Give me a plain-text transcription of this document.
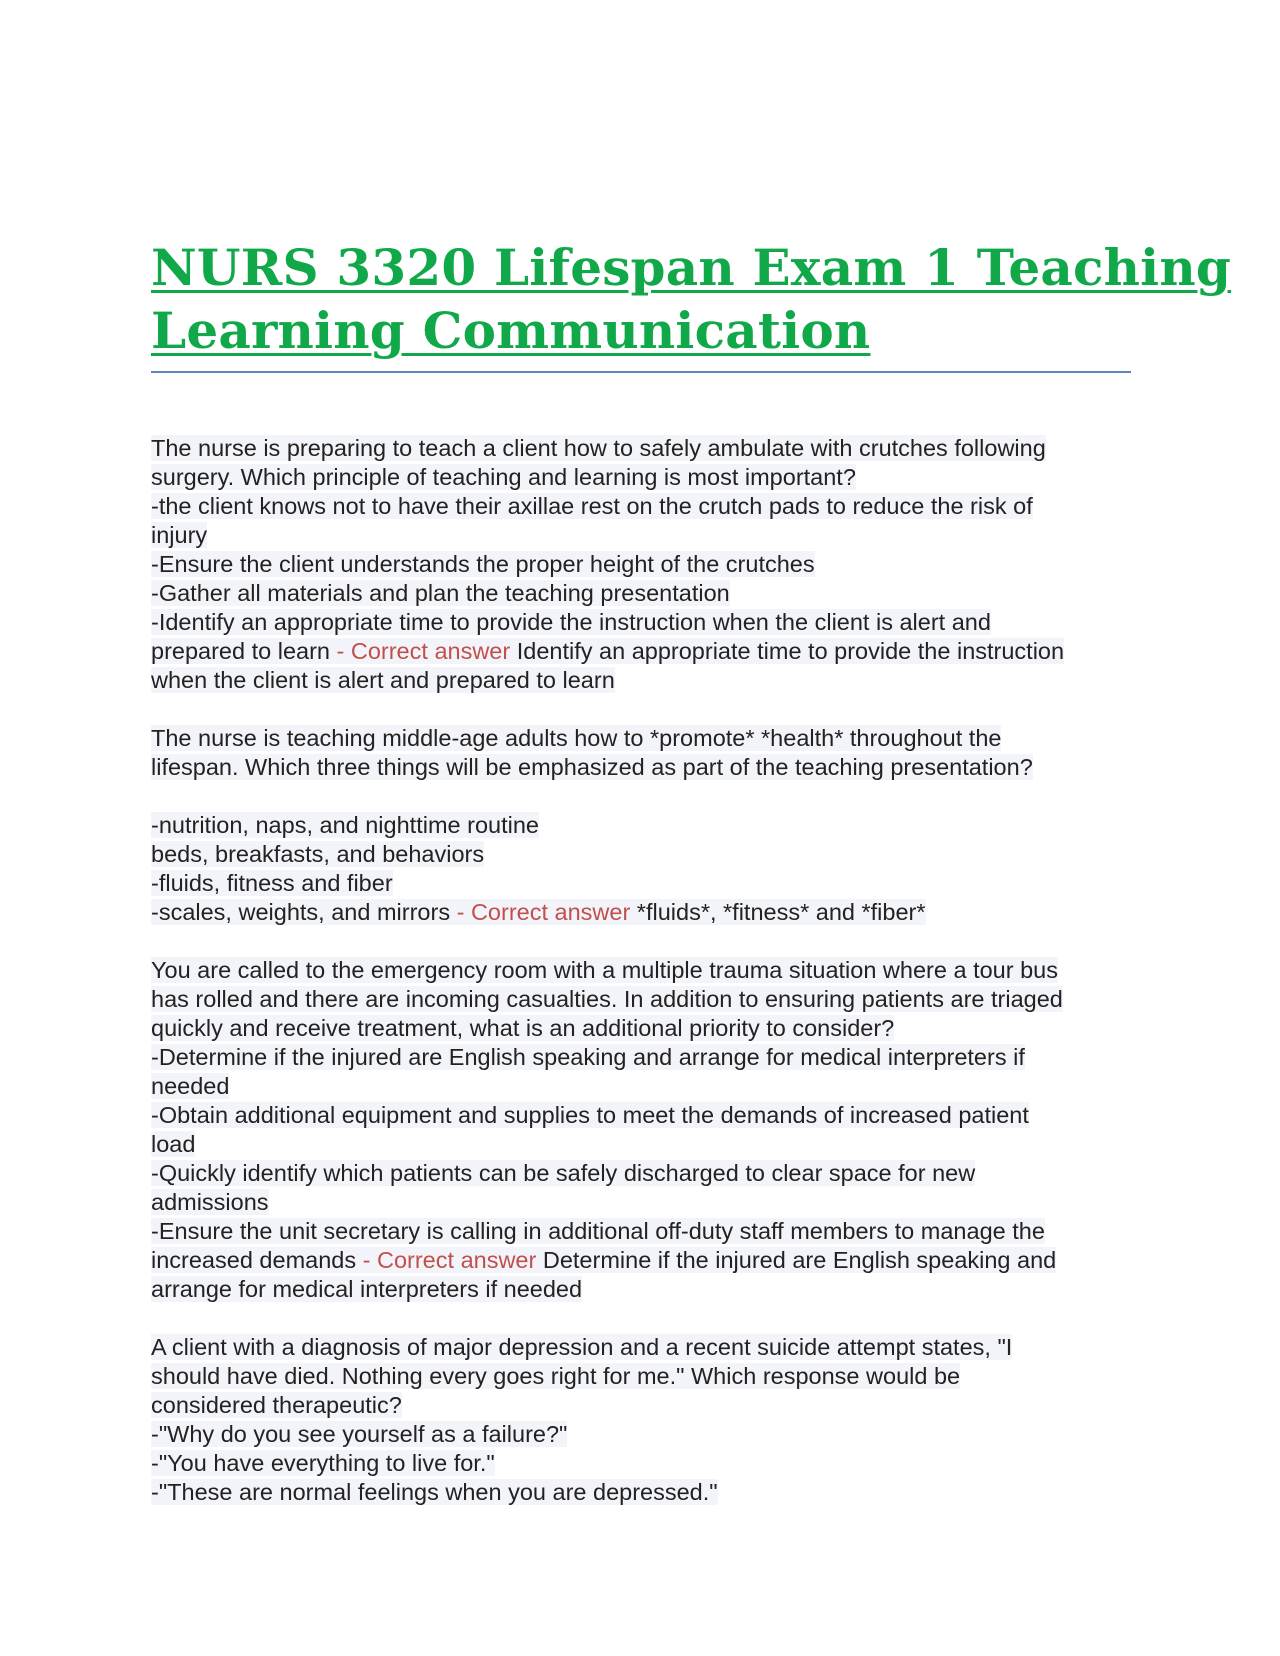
NURS 3320 Lifespan Exam 1 Teaching
Learning Communication
The nurse is preparing to teach a client how to safely ambulate with crutches following
surgery. Which principle of teaching and learning is most important?
-the client knows not to have their axillae rest on the crutch pads to reduce the risk of
injury
-Ensure the client understands the proper height of the crutches
-Gather all materials and plan the teaching presentation
-Identify an appropriate time to provide the instruction when the client is alert and
prepared to learn - Correct answer Identify an appropriate time to provide the instruction
when the client is alert and prepared to learn
The nurse is teaching middle-age adults how to *promote* *health* throughout the
lifespan. Which three things will be emphasized as part of the teaching presentation?
-nutrition, naps, and nighttime routine
beds, breakfasts, and behaviors
-fluids, fitness and fiber
-scales, weights, and mirrors - Correct answer *fluids*, *fitness* and *fiber*
You are called to the emergency room with a multiple trauma situation where a tour bus
has rolled and there are incoming casualties. In addition to ensuring patients are triaged
quickly and receive treatment, what is an additional priority to consider?
-Determine if the injured are English speaking and arrange for medical interpreters if
needed
-Obtain additional equipment and supplies to meet the demands of increased patient
load
-Quickly identify which patients can be safely discharged to clear space for new
admissions
-Ensure the unit secretary is calling in additional off-duty staff members to manage the
increased demands - Correct answer Determine if the injured are English speaking and
arrange for medical interpreters if needed
A client with a diagnosis of major depression and a recent suicide attempt states, "I
should have died. Nothing every goes right for me." Which response would be
considered therapeutic?
-"Why do you see yourself as a failure?"
-"You have everything to live for."
-"These are normal feelings when you are depressed."
